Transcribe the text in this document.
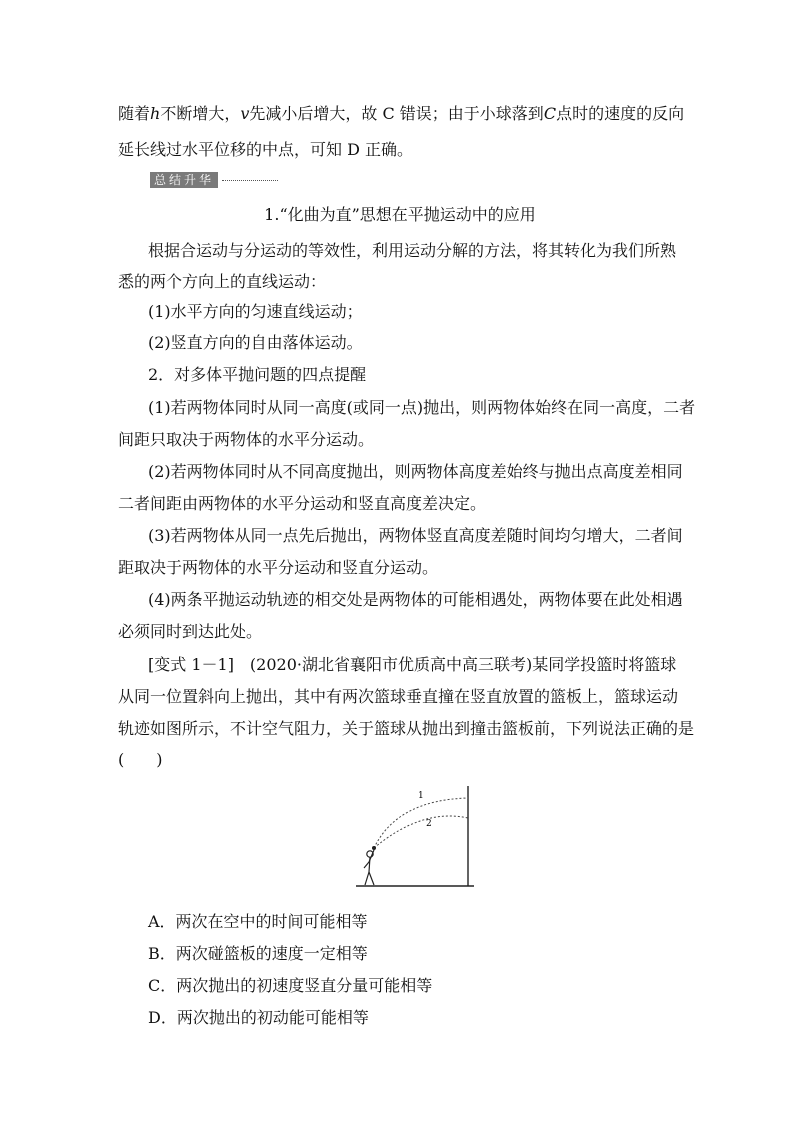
随着h不断增大，v先减小后增大，故 C 错误；由于小球落到C点时的速度的反向
延长线过水平位移的中点，可知 D 正确。
总结升华
1.“化曲为直”思想在平抛运动中的应用
根据合运动与分运动的等效性，利用运动分解的方法，将其转化为我们所熟
悉的两个方向上的直线运动：
(1)水平方向的匀速直线运动；
(2)竖直方向的自由落体运动。
2．对多体平抛问题的四点提醒
(1)若两物体同时从同一高度(或同一点)抛出，则两物体始终在同一高度，二者
间距只取决于两物体的水平分运动。
(2)若两物体同时从不同高度抛出，则两物体高度差始终与抛出点高度差相同
二者间距由两物体的水平分运动和竖直高度差决定。
(3)若两物体从同一点先后抛出，两物体竖直高度差随时间均匀增大，二者间
距取决于两物体的水平分运动和竖直分运动。
(4)两条平抛运动轨迹的相交处是两物体的可能相遇处，两物体要在此处相遇
必须同时到达此处。
[变式 1－1]　(2020·湖北省襄阳市优质高中高三联考)某同学投篮时将篮球
从同一位置斜向上抛出，其中有两次篮球垂直撞在竖直放置的篮板上，篮球运动
轨迹如图所示，不计空气阻力，关于篮球从抛出到撞击篮板前，下列说法正确的是
(　　)
1
2
A．两次在空中的时间可能相等
B．两次碰篮板的速度一定相等
C．两次抛出的初速度竖直分量可能相等
D．两次抛出的初动能可能相等
